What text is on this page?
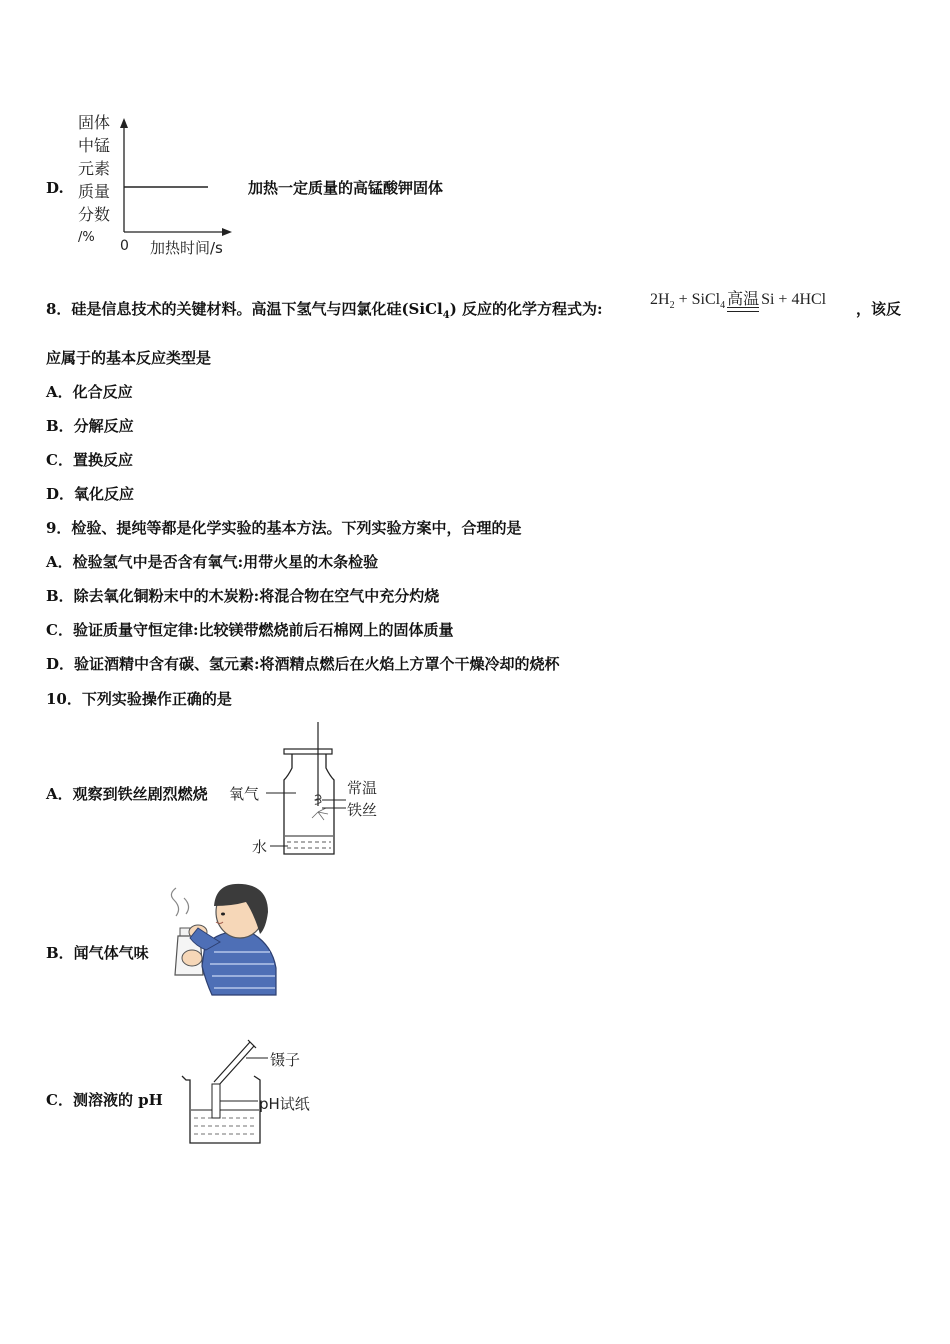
D.
固体
中锰
元素
质量
分数
/%
0 加热时间/s
加热一定质量的高锰酸钾固体
8．硅是信息技术的关键材料。高温下氢气与四氯化硅(SiCl$_4$) 反应的化学方程式为:
$2H_2$ + SiCl$_4$ 高温 Si + 4HCl
，该反
应属于的基本反应类型是
A．化合反应
B．分解反应
C．置换反应
D．氧化反应
9．检验、提纯等都是化学实验的基本方法。下列实验方案中，合理的是
A．检验氢气中是否含有氧气:用带火星的木条检验
B．除去氧化铜粉末中的木炭粉:将混合物在空气中充分灼烧
C．验证质量守恒定律:比较镁带燃烧前后石棉网上的固体质量
D．验证酒精中含有碳、氢元素:将酒精点燃后在火焰上方罩个干燥冷却的烧杯
10．下列实验操作正确的是
A．观察到铁丝剧烈燃烧 氧气	常温
铁丝
水
B．闻气体气味
C．测溶液的 pH
镊子
pH试纸
